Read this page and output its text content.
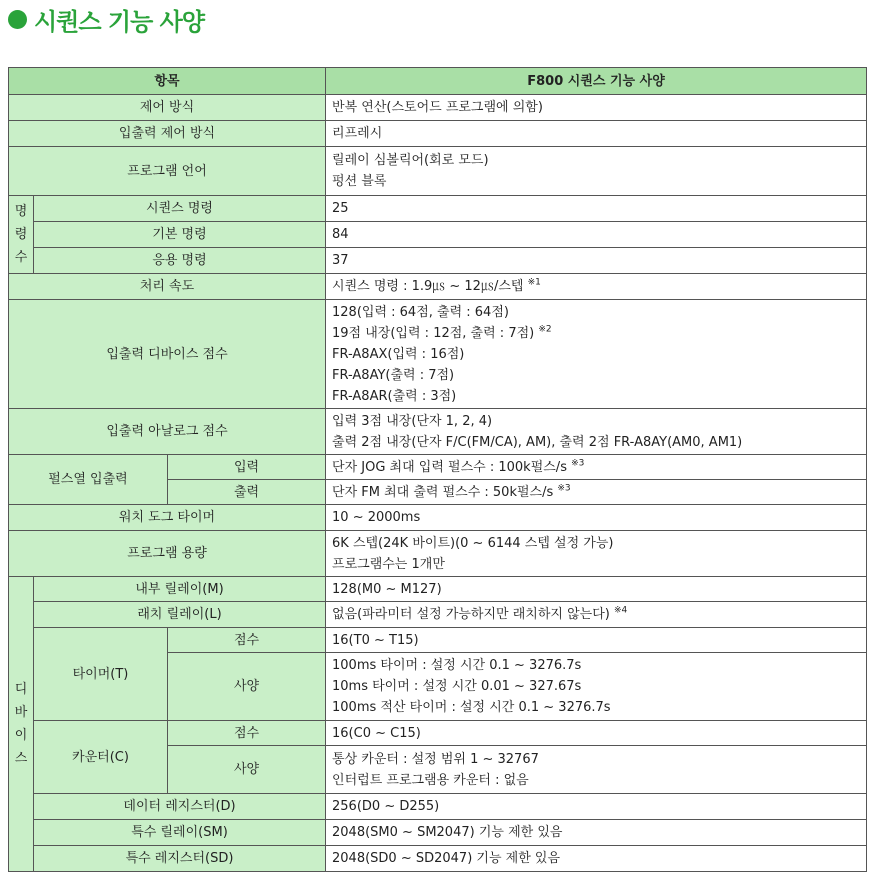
시퀀스 기능 사양
항목			F800 시퀀스 기능 사양
제어 방식			반복 연산(스토어드 프로그램에 의함)
입출력 제어 방식			리프레시
프로그램 언어			릴레이 심볼릭어(회로 모드)
펑션 블록

명
령
수	시퀀스 명령		25
	기본 명령		84
	응용 명령		37
처리 속도			시퀀스 명령 : 1.9㎲ ~ 12㎲/스텝 $^{※1}$
입출력 디바이스 점수			128(입력 : 64점, 출력 : 64점)
19점 내장(입력 : 12점, 출력 : 7점) $^{※2}$
FR-A8AX(입력 : 16점)
FR-A8AY(출력 : 7점)
FR-A8AR(출력 : 3점)

입출력 아날로그 점수			입력 3점 내장(단자 1, 2, 4)
출력 2점 내장(단자 F/C(FM/CA), AM), 출력 2점 FR-A8AY(AM0, AM1)

펄스열 입출력		입력	단자 JOG 최대 입력 펄스수 : 100k펄스/s $^{※3}$
		출력	단자 FM 최대 출력 펄스수 : 50k펄스/s $^{※3}$
워치 도그 타이머			10 ~ 2000ms
프로그램 용량			6K 스텝(24K 바이트)(0 ~ 6144 스텝 설정 가능)
프로그램수는 1개만

디
바
이
스	내부 릴레이(M)		128(M0 ~ M127)
	래치 릴레이(L)		없음(파라미터 설정 가능하지만 래치하지 않는다) $^{※4}$
	타이머(T)	점수	16(T0 ~ T15)
		사양	100ms 타이머 : 설정 시간 0.1 ~ 3276.7s
10ms 타이머 : 설정 시간 0.01 ~ 327.67s
100ms 적산 타이머 : 설정 시간 0.1 ~ 3276.7s

	카운터(C)	점수	16(C0 ~ C15)
		사양	통상 카운터 : 설정 범위 1 ~ 32767
인터럽트 프로그램용 카운터 : 없음

	데이터 레지스터(D)		256(D0 ~ D255)
	특수 릴레이(SM)		2048(SM0 ~ SM2047) 기능 제한 있음
	특수 레지스터(SD)		2048(SD0 ~ SD2047) 기능 제한 있음
